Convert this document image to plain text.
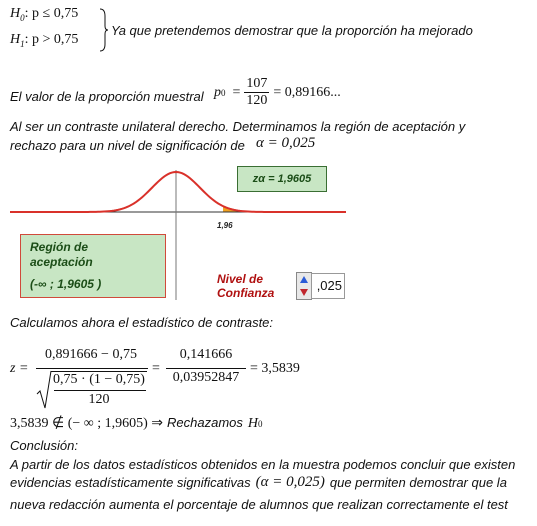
$H_0$: p ≤ 0,75
$H_1$: p > 0,75
Ya que pretendemos demostrar que la proporción ha mejorado
El valor de la proporción muestral p $0 = \frac{107}{120} = 0,89166$...
Al ser un contraste unilateral derecho. Determinamos la región de aceptación y
rechazo para un nivel de significación de α = 0,025
1,96
zα = 1,9605
Región de
aceptación
(-∞ ; 1,9605 )	Nivel de
Confianza	,025
Calculamos ahora el estadístico de contraste:
z =
0,891666 − 0,75
0,75 · (1 − 0,75)
120
=
0,141666
0,03952847
= 3,5839
3,5839 ∉ (− ∞ ; 1,9605) ⇒ Rechazamos H 0
Conclusión:
A partir de los datos estadísticos obtenidos en la muestra podemos concluir que existen
evidencias estadísticamente significativas (α = 0,025) que permiten demostrar que la
nueva redacción aumenta el porcentaje de alumnos que realizan correctamente el test
